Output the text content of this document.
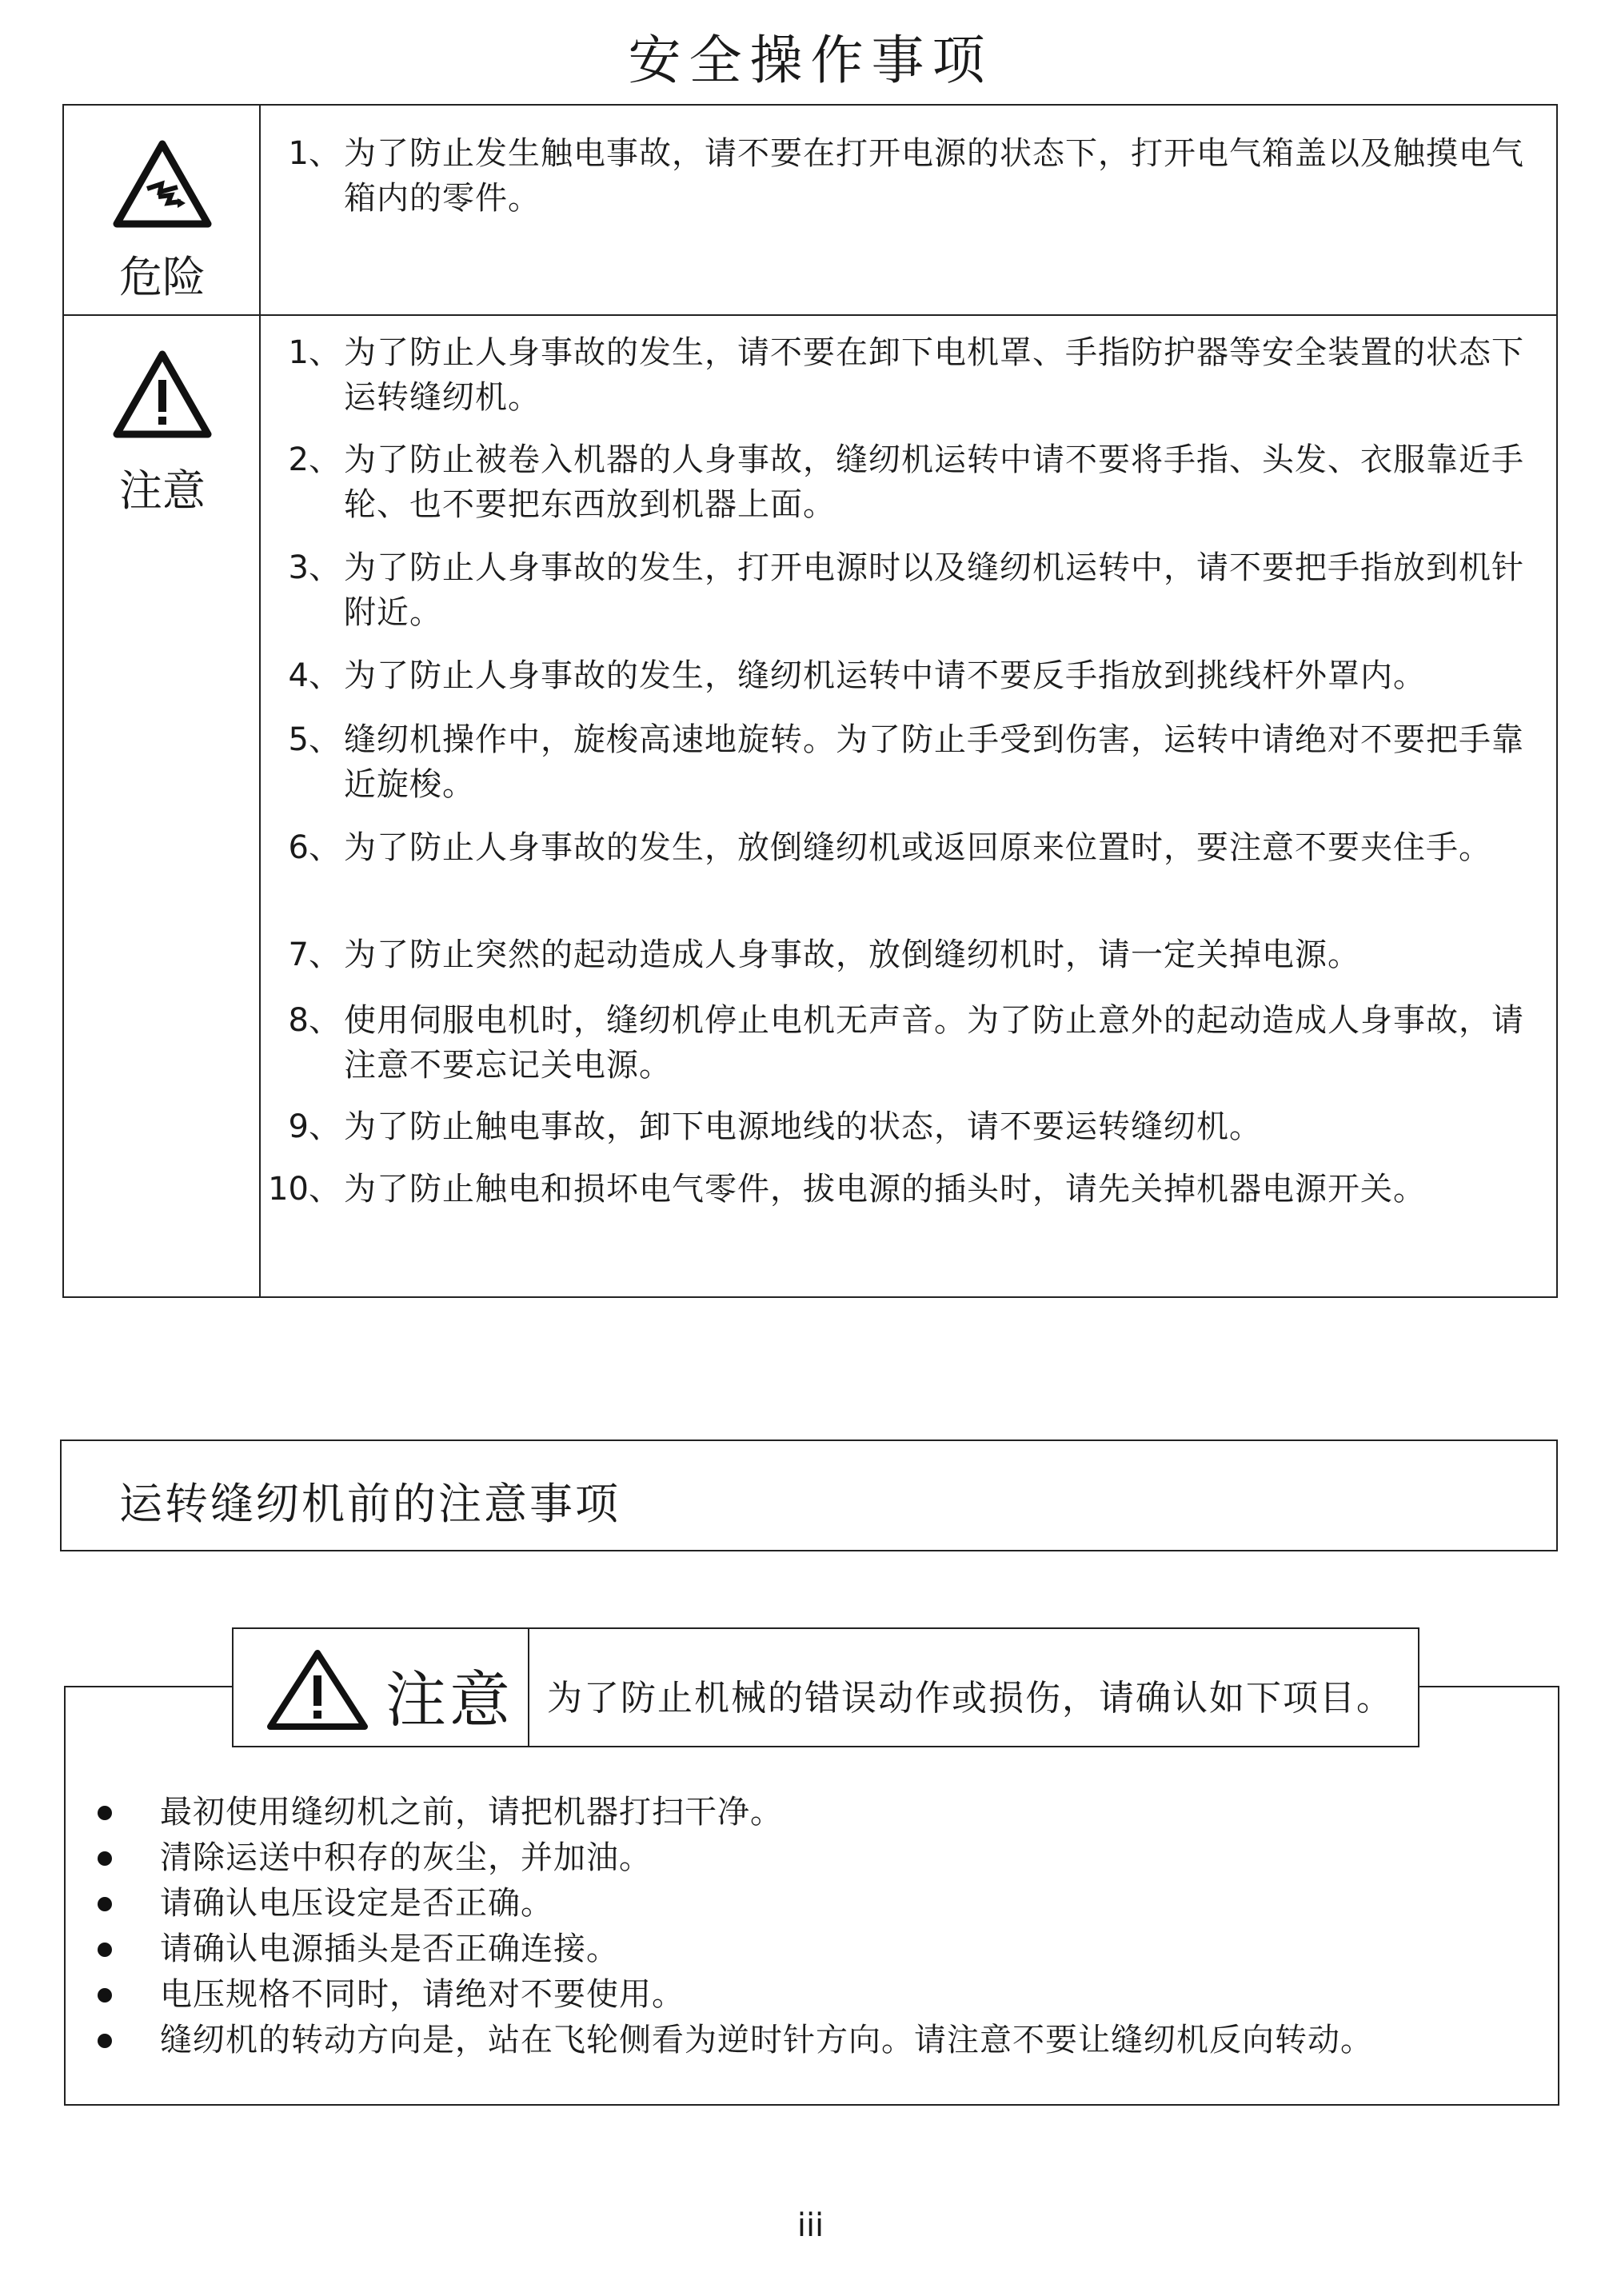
安全操作事项
危险
1、 为了防止发生触电事故，请不要在打开电源的状态下，打开电气箱盖以及触摸电气箱内的零件。
注意
1、 为了防止人身事故的发生，请不要在卸下电机罩、手指防护器等安全装置的状态下运转缝纫机。
2、 为了防止被卷入机器的人身事故，缝纫机运转中请不要将手指、头发、衣服靠近手轮、也不要把东西放到机器上面。
3、 为了防止人身事故的发生，打开电源时以及缝纫机运转中，请不要把手指放到机针附近。
4、 为了防止人身事故的发生，缝纫机运转中请不要反手指放到挑线杆外罩内。
5、 缝纫机操作中，旋梭高速地旋转。为了防止手受到伤害，运转中请绝对不要把手靠近旋梭。
6、 为了防止人身事故的发生，放倒缝纫机或返回原来位置时，要注意不要夹住手。
7、 为了防止突然的起动造成人身事故，放倒缝纫机时，请一定关掉电源。
8、 使用伺服电机时，缝纫机停止电机无声音。为了防止意外的起动造成人身事故，请注意不要忘记关电源。
9、 为了防止触电事故，卸下电源地线的状态，请不要运转缝纫机。
10、 为了防止触电和损坏电气零件，拔电源的插头时，请先关掉机器电源开关。
运转缝纫机前的注意事项
注意 为了防止机械的错误动作或损伤，请确认如下项目。
最初使用缝纫机之前，请把机器打扫干净。
清除运送中积存的灰尘，并加油。
请确认电压设定是否正确。
请确认电源插头是否正确连接。
电压规格不同时，请绝对不要使用。
缝纫机的转动方向是，站在飞轮侧看为逆时针方向。请注意不要让缝纫机反向转动。
iii
